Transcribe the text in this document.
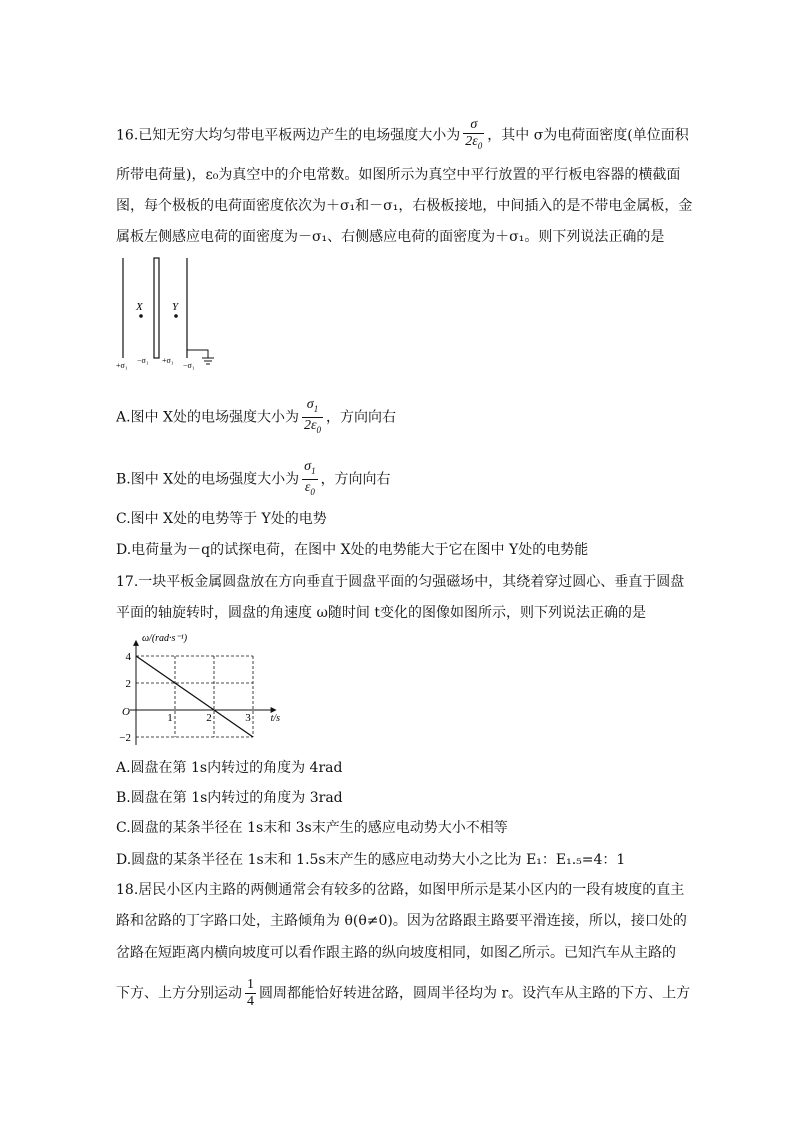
16.已知无穷大均匀带电平板两边产生的电场强度大小为 $\frac{\sigma}{2\varepsilon_0}$ ，其中 σ为电荷面密度(单位面积
所带电荷量)，ε₀为真空中的介电常数。如图所示为真空中平行放置的平行板电容器的横截面
图，每个极板的电荷面密度依次为＋σ₁和－σ₁，右极板接地，中间插入的是不带电金属板，金
属板左侧感应电荷的面密度为－σ₁、右侧感应电荷的面密度为＋σ₁。则下列说法正确的是
X	Y
+σ₁
−σ₁ +σ₁
−σ₁
A.图中 X处的电场强度大小为 $\frac{\sigma_1}{2\varepsilon_0}$ ，方向向右
B.图中 X处的电场强度大小为 $\frac{\sigma_1}{\varepsilon_0}$ ，方向向右
C.图中 X处的电势等于 Y处的电势
D.电荷量为－q的试探电荷，在图中 X处的电势能大于它在图中 Y处的电势能
17.一块平板金属圆盘放在方向垂直于圆盘平面的匀强磁场中，其绕着穿过圆心、垂直于圆盘
平面的轴旋转时，圆盘的角速度 ω随时间 t变化的图像如图所示，则下列说法正确的是
4
2
−2
1	2	3
O
ω/(rad·s⁻¹)
t/s
A.圆盘在第 1s内转过的角度为 4rad
B.圆盘在第 1s内转过的角度为 3rad
C.圆盘的某条半径在 1s末和 3s末产生的感应电动势大小不相等
D.圆盘的某条半径在 1s末和 1.5s末产生的感应电动势大小之比为 E₁：E₁.₅=4：1
18.居民小区内主路的两侧通常会有较多的岔路，如图甲所示是某小区内的一段有坡度的直主
路和岔路的丁字路口处，主路倾角为 θ(θ≠0)。因为岔路跟主路要平滑连接，所以，接口处的
岔路在短距离内横向坡度可以看作跟主路的纵向坡度相同，如图乙所示。已知汽车从主路的
下方、上方分别运动 $\frac{1}{4}$ 圆周都能恰好转进岔路，圆周半径均为 r。设汽车从主路的下方、上方
